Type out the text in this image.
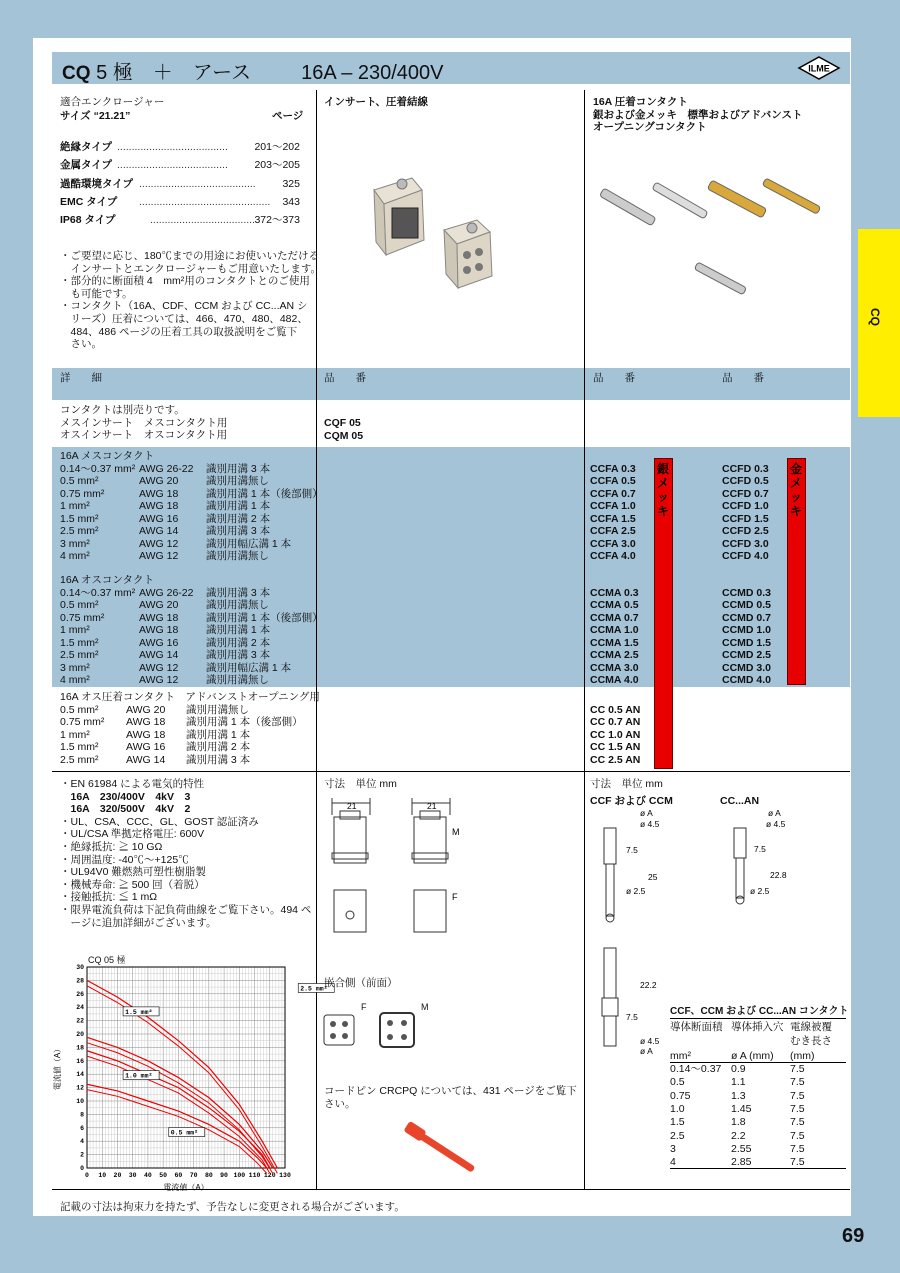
CQ 5 極　＋　アース	16A – 230/400V	ILME
CQ
適合エンクロージャー
サイズ “21.21”	ページ
絶縁タイプ ......................................	201～202
金属タイプ ......................................	203～205
過酷環境タイプ ........................................	325
EMC タイプ .............................................	343
IP68 タイプ	.................................... 372～373
・ご要望に応じ、180℃までの用途にお使いいただける
　インサートとエンクロージャーもご用意いたします。
・部分的に断面積 4　mm²用のコンタクトとのご使用
　も可能です。
・コンタクト（16A、CDF、CCM および CC...AN シ
　リーズ）圧着については、466、470、480、482、
　484、486 ページの圧着工具の取扱説明をご覧下
　さい。
インサート、圧着結線	16A 圧着コンタクト
銀および金メッキ　標準およびアドバンスト
オープニングコンタクト
詳　　細	品　　番	品　　番	品　　番
コンタクトは別売りです。
メスインサート　メスコンタクト用
オスインサート　オスコンタクト用
CQF 05
CQM 05
16A メスコンタクト
0.14～0.37 mm² AWG 26-22 識別用溝 3 本	CCFA 0.3	CCFD 0.3
0.5 mm²	AWG 20	識別用溝無し	CCFA 0.5	CCFD 0.5
0.75 mm²	AWG 18	識別用溝 1 本（後部側）	CCFA 0.7	CCFD 0.7
1 mm²	AWG 18	識別用溝 1 本	CCFA 1.0	CCFD 1.0
1.5 mm²	AWG 16	識別用溝 2 本	CCFA 1.5	CCFD 1.5
2.5 mm²	AWG 14	識別用溝 3 本	CCFA 2.5	CCFD 2.5
3 mm²	AWG 12	識別用幅広溝 1 本	CCFA 3.0	CCFD 3.0
4 mm²	AWG 12	識別用溝無し	CCFA 4.0	CCFD 4.0
16A オスコンタクト
0.14～0.37 mm² AWG 26-22 識別用溝 3 本	CCMA 0.3	CCMD 0.3
0.5 mm²	AWG 20	識別用溝無し	CCMA 0.5	CCMD 0.5
0.75 mm²	AWG 18	識別用溝 1 本（後部側）	CCMA 0.7	CCMD 0.7
1 mm²	AWG 18	識別用溝 1 本	CCMA 1.0	CCMD 1.0
1.5 mm²	AWG 16	識別用溝 2 本	CCMA 1.5	CCMD 1.5
2.5 mm²	AWG 14	識別用溝 3 本	CCMA 2.5	CCMD 2.5
3 mm²	AWG 12	識別用幅広溝 1 本	CCMA 3.0	CCMD 3.0
4 mm²	AWG 12	識別用溝無し	CCMA 4.0	CCMD 4.0
16A オス圧着コンタクト　アドバンストオープニング用
0.5 mm²	AWG 20 識別用溝無し	CC 0.5 AN
0.75 mm² AWG 18 識別用溝 1 本（後部側）	CC 0.7 AN
1 mm²	AWG 18 識別用溝 1 本	CC 1.0 AN
1.5 mm²	AWG 16 識別用溝 2 本	CC 1.5 AN
2.5 mm²	AWG 14 識別用溝 3 本	CC 2.5 AN
銀
メ
ッ
キ
金
メ
ッ
キ
・EN 61984 による電気的特性
　16A　230/400V　4kV　3
　16A　320/500V　4kV　2
・UL、CSA、CCC、GL、GOST 認証済み
・UL/CSA 準拠定格電圧: 600V
・絶縁抵抗: ≧ 10 GΩ
・周囲温度: -40℃～+125℃
・UL94V0 難燃熱可塑性樹脂製
・機械寿命: ≧ 500 回（着脱）
・接触抵抗: ≦ 1 mΩ
・限界電流負荷は下記負荷曲線をご覧下さい。494 ペ
　ージに追加詳細がございます。
CQ 05 極
0 10 20 30 40 50 60 70 80 90 100 110 120 130
0
2
4
6
8
10
12
14
16
18
20
22
24
26
28
30
電流値（A）
電流値（A）
2.5 mm²
1.5 mm²
1.0 mm²
0.5 mm²
寸法　単位 mm
21	21
M
F
嵌合側（前面）
F	M
コードピン CRCPQ については、431 ページをご覧下
さい。
寸法　単位 mm
CCF および CCM	CC...AN
ø A
ø 4.5
7.5
25
ø 2.5
22.2
7.5
ø 4.5
ø A
ø A
ø 4.5
7.5
22.8
ø 2.5
CCF、CCM および CC...AN コンタクト
導体断面積 導体挿入穴 電線被覆
むき長さ
mm²	ø A (mm) (mm)
0.14～0.37 0.9	7.5
0.5	1.1	7.5
0.75	1.3	7.5
1.0	1.45	7.5
1.5	1.8	7.5
2.5	2.2	7.5
3	2.55	7.5
4	2.85	7.5
記載の寸法は拘束力を持たず、予告なしに変更される場合がございます。
69
